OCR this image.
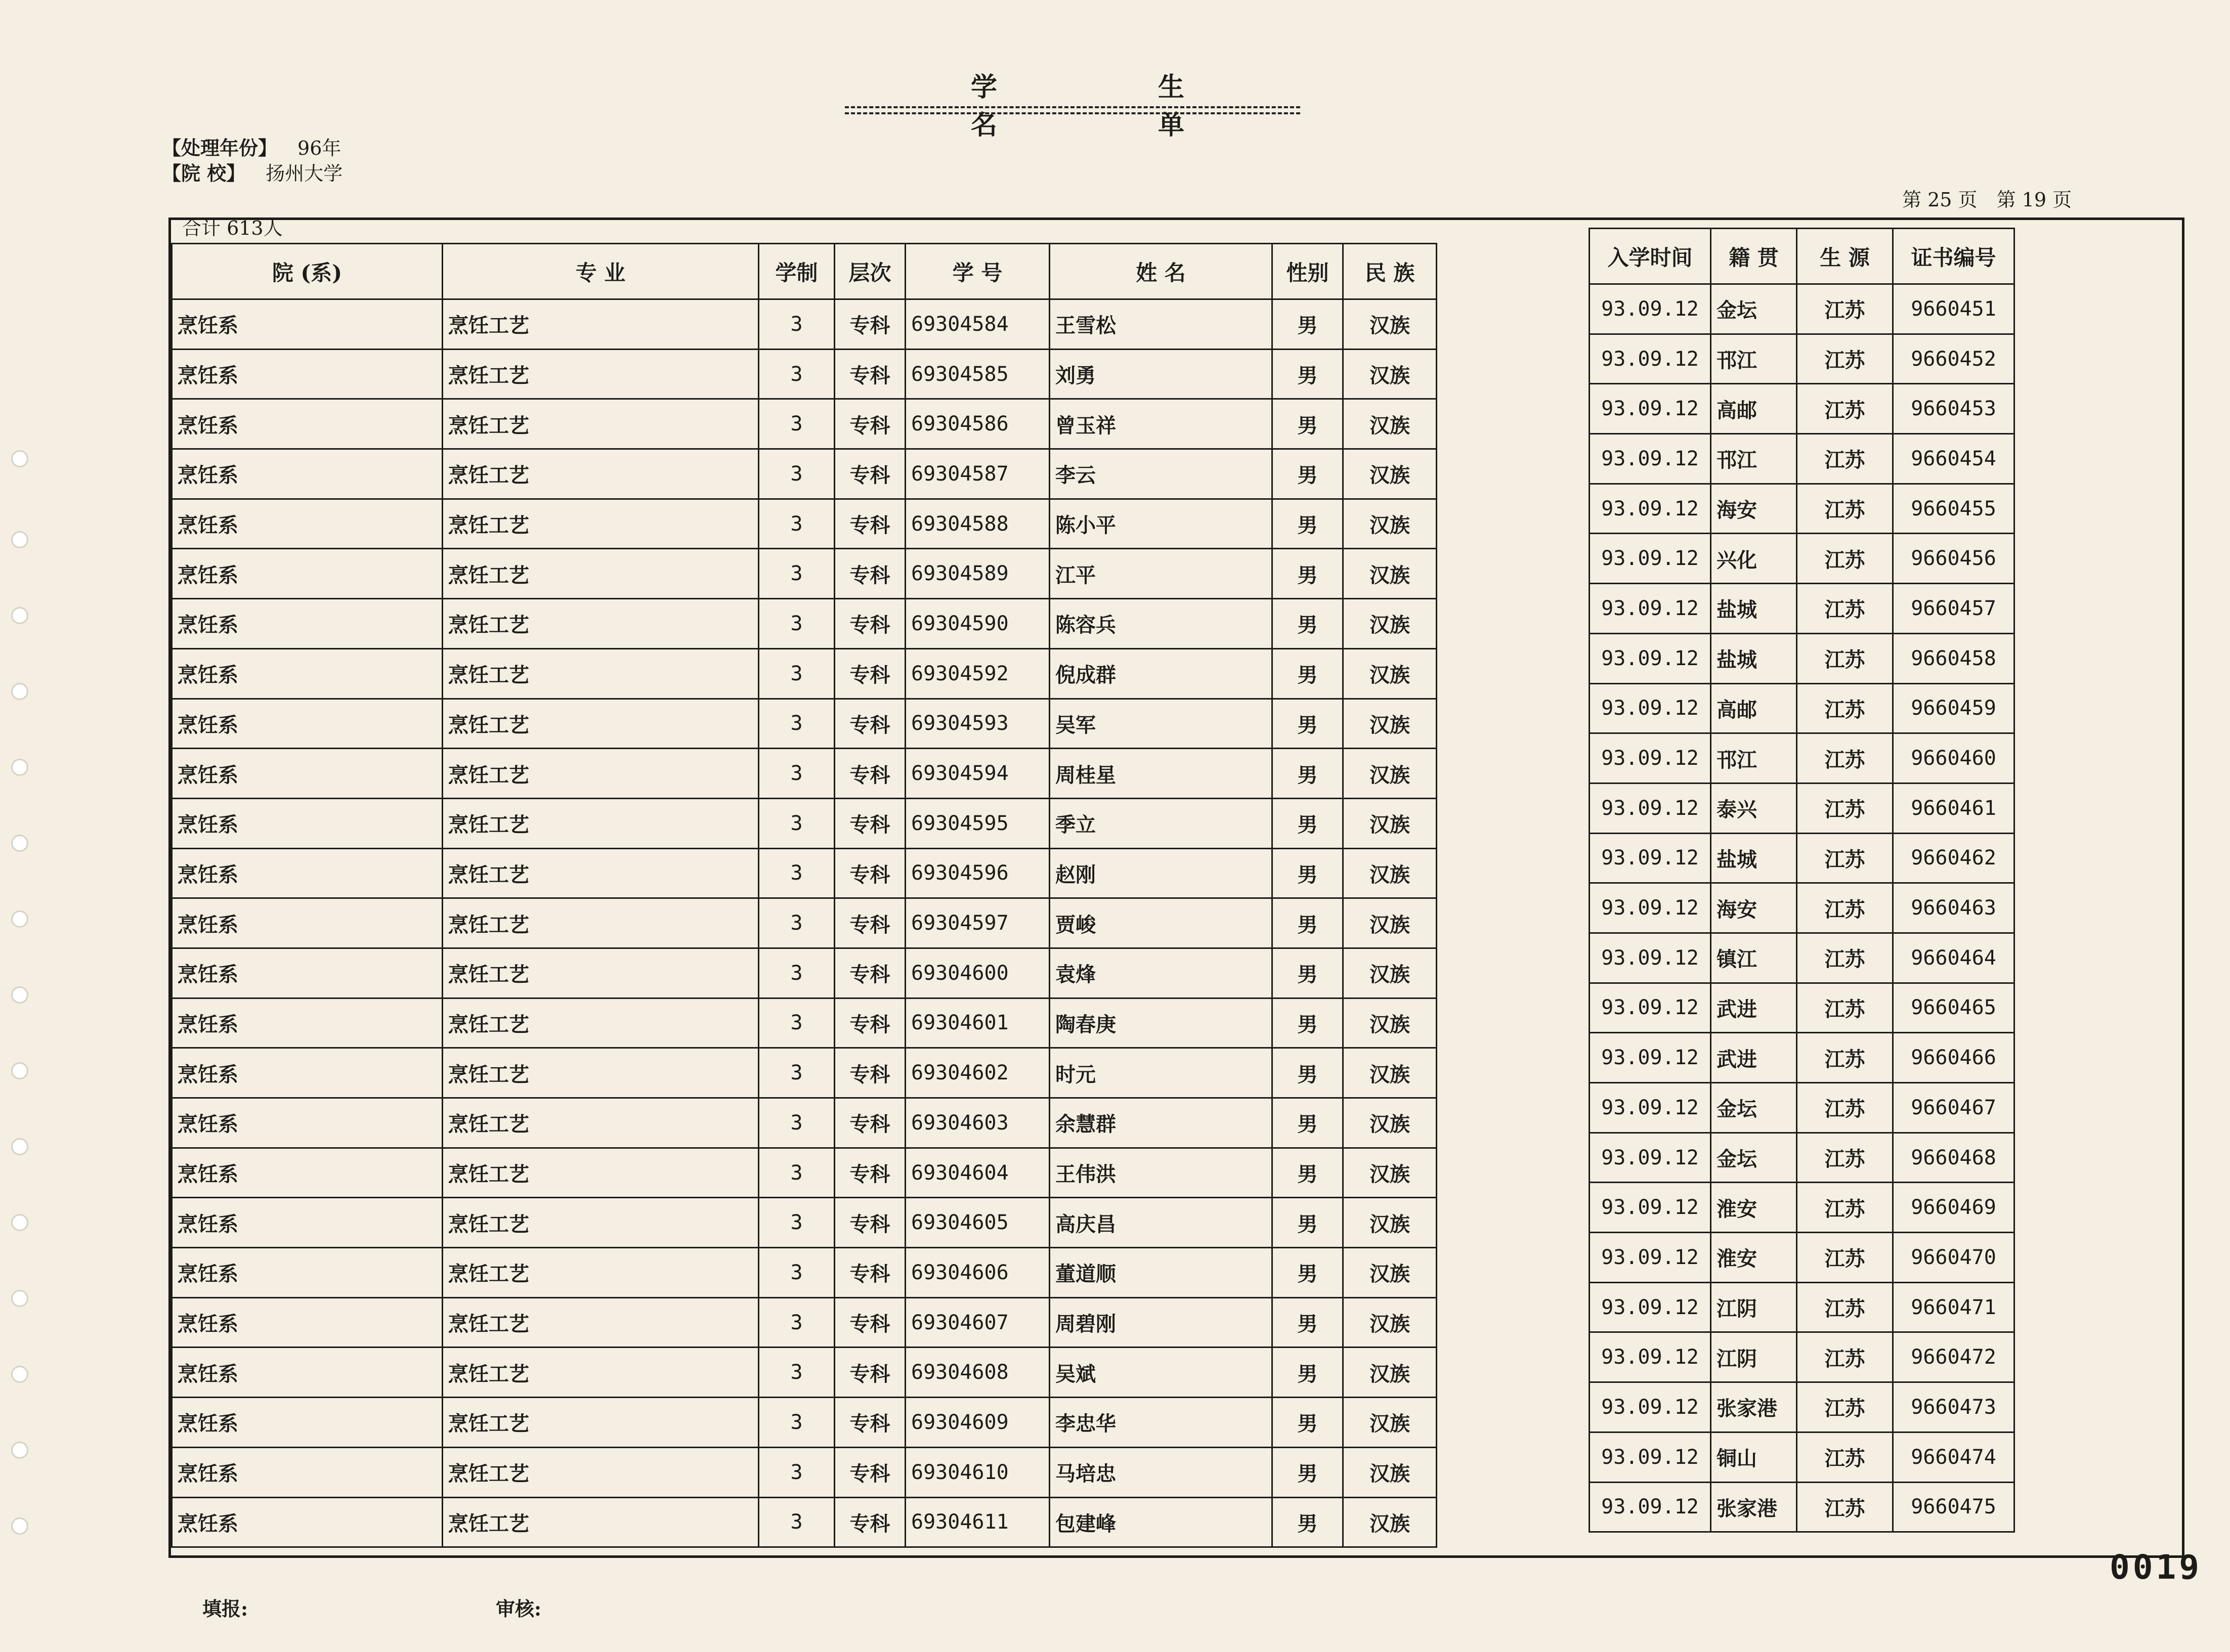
学 生 名 单
【处理年份】 96年
【院 校】 扬州大学
合计 613人
第 25 页 第 19 页
院 (系)	专 业	学制	层次	学 号	姓 名	性别	民 族
烹饪系	烹饪工艺	3	专科	69304584	王雪松	男	汉族
烹饪系	烹饪工艺	3	专科	69304585	刘勇	男	汉族
烹饪系	烹饪工艺	3	专科	69304586	曾玉祥	男	汉族
烹饪系	烹饪工艺	3	专科	69304587	李云	男	汉族
烹饪系	烹饪工艺	3	专科	69304588	陈小平	男	汉族
烹饪系	烹饪工艺	3	专科	69304589	江平	男	汉族
烹饪系	烹饪工艺	3	专科	69304590	陈容兵	男	汉族
烹饪系	烹饪工艺	3	专科	69304592	倪成群	男	汉族
烹饪系	烹饪工艺	3	专科	69304593	吴军	男	汉族
烹饪系	烹饪工艺	3	专科	69304594	周桂星	男	汉族
烹饪系	烹饪工艺	3	专科	69304595	季立	男	汉族
烹饪系	烹饪工艺	3	专科	69304596	赵刚	男	汉族
烹饪系	烹饪工艺	3	专科	69304597	贾峻	男	汉族
烹饪系	烹饪工艺	3	专科	69304600	袁烽	男	汉族
烹饪系	烹饪工艺	3	专科	69304601	陶春庚	男	汉族
烹饪系	烹饪工艺	3	专科	69304602	时元	男	汉族
烹饪系	烹饪工艺	3	专科	69304603	余慧群	男	汉族
烹饪系	烹饪工艺	3	专科	69304604	王伟洪	男	汉族
烹饪系	烹饪工艺	3	专科	69304605	高庆昌	男	汉族
烹饪系	烹饪工艺	3	专科	69304606	董道顺	男	汉族
烹饪系	烹饪工艺	3	专科	69304607	周碧刚	男	汉族
烹饪系	烹饪工艺	3	专科	69304608	吴斌	男	汉族
烹饪系	烹饪工艺	3	专科	69304609	李忠华	男	汉族
烹饪系	烹饪工艺	3	专科	69304610	马培忠	男	汉族
烹饪系	烹饪工艺	3	专科	69304611	包建峰	男	汉族
入学时间	籍 贯	生 源	证书编号
93.09.12	金坛	江苏	9660451
93.09.12	邗江	江苏	9660452
93.09.12	高邮	江苏	9660453
93.09.12	邗江	江苏	9660454
93.09.12	海安	江苏	9660455
93.09.12	兴化	江苏	9660456
93.09.12	盐城	江苏	9660457
93.09.12	盐城	江苏	9660458
93.09.12	高邮	江苏	9660459
93.09.12	邗江	江苏	9660460
93.09.12	泰兴	江苏	9660461
93.09.12	盐城	江苏	9660462
93.09.12	海安	江苏	9660463
93.09.12	镇江	江苏	9660464
93.09.12	武进	江苏	9660465
93.09.12	武进	江苏	9660466
93.09.12	金坛	江苏	9660467
93.09.12	金坛	江苏	9660468
93.09.12	淮安	江苏	9660469
93.09.12	淮安	江苏	9660470
93.09.12	江阴	江苏	9660471
93.09.12	江阴	江苏	9660472
93.09.12	张家港	江苏	9660473
93.09.12	铜山	江苏	9660474
93.09.12	张家港	江苏	9660475
填报:	审核:
0019
